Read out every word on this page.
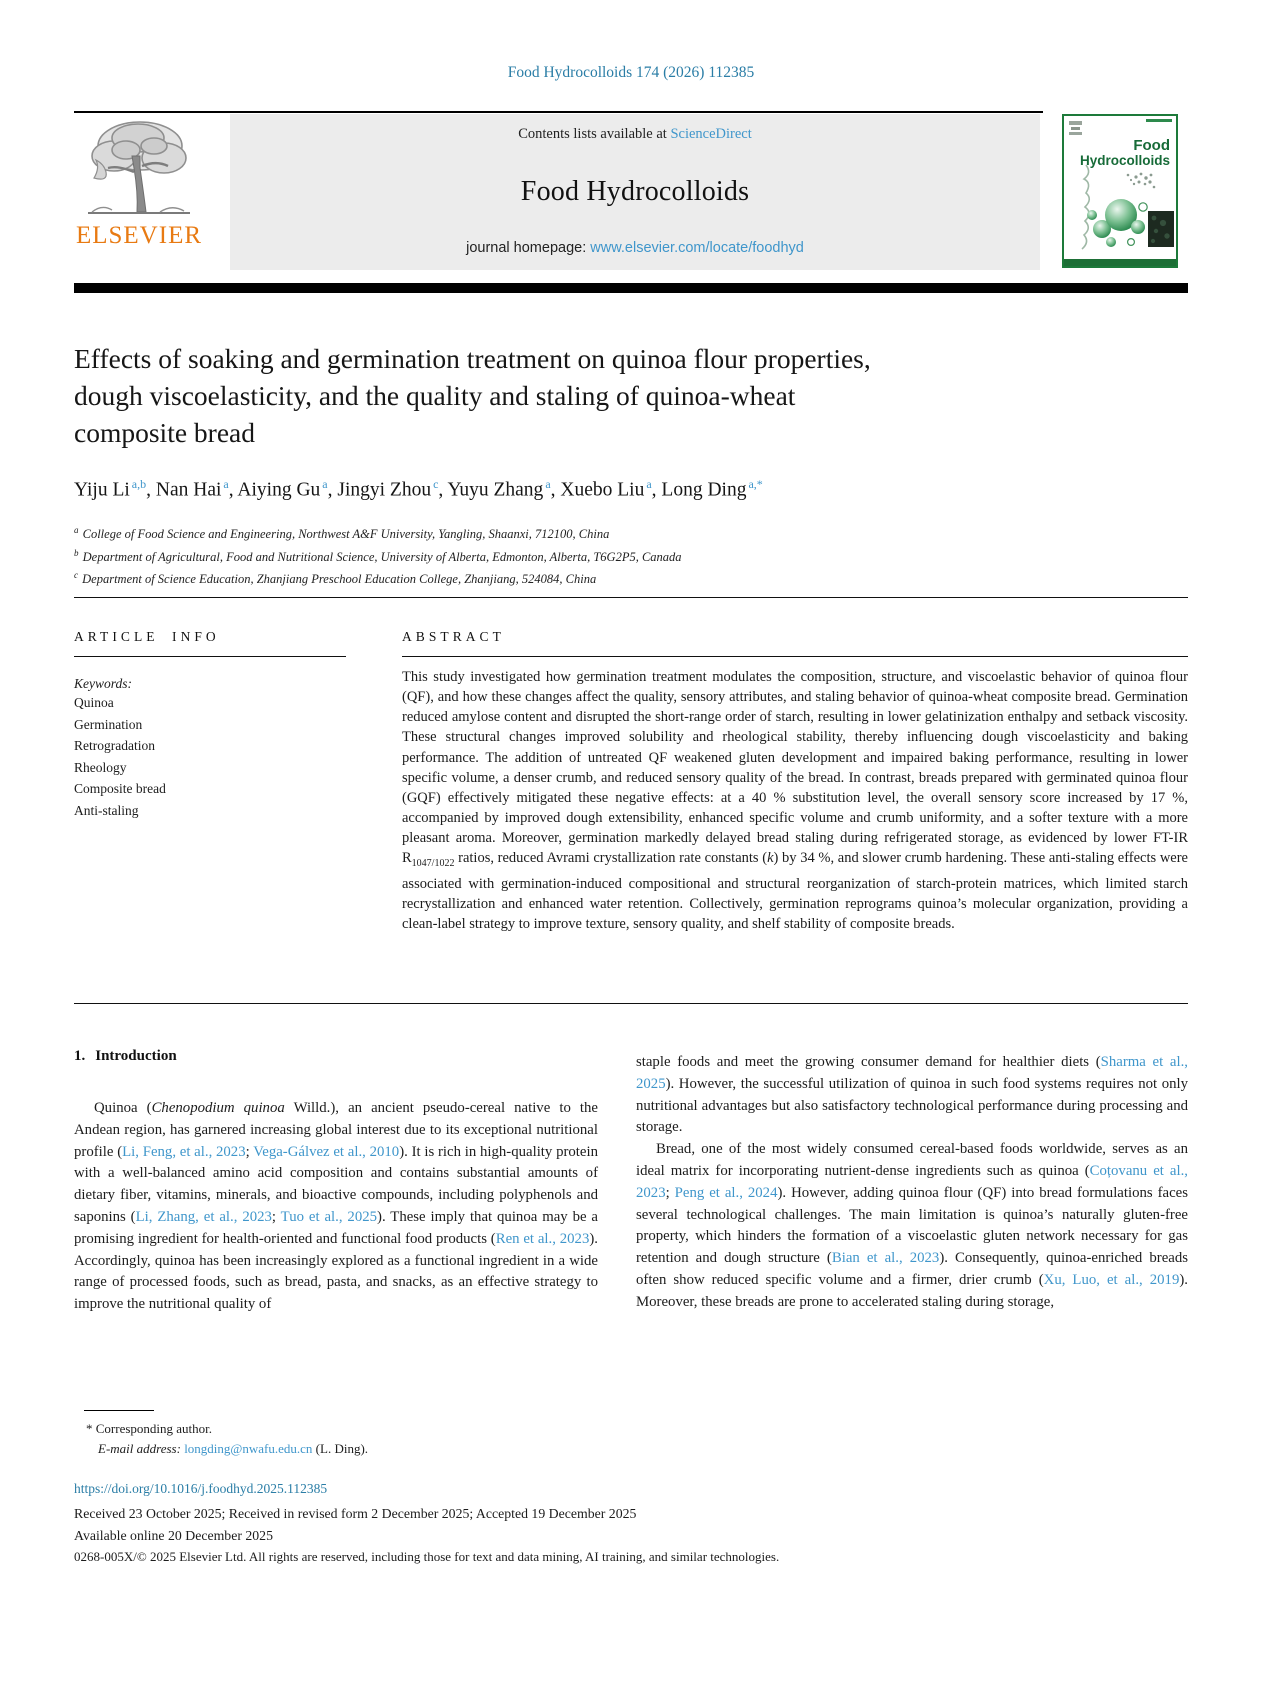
Food Hydrocolloids 174 (2026) 112385
ELSEVIER
Contents lists available at ScienceDirect
Food Hydrocolloids
journal homepage: www.elsevier.com/locate/foodhyd
Food
Hydrocolloids
Effects of soaking and germination treatment on quinoa flour properties,
dough viscoelasticity, and the quality and staling of quinoa-wheat
composite bread
Yiju Li $^{a,b}$, Nan Hai $^a$, Aiying Gu $^a$, Jingyi Zhou $^c$, Yuyu Zhang $^a$, Xuebo Liu $^a$, Long Ding $^{a,*}$
$^a$ College of Food Science and Engineering, Northwest A&F University, Yangling, Shaanxi, 712100, China
$^b$ Department of Agricultural, Food and Nutritional Science, University of Alberta, Edmonton, Alberta, T6G2P5, Canada
$^c$ Department of Science Education, Zhanjiang Preschool Education College, Zhanjiang, 524084, China
ARTICLE INFO
Keywords:
Quinoa
Germination
Retrogradation
Rheology
Composite bread
Anti-staling
ABSTRACT
This study investigated how germination treatment modulates the composition, structure, and viscoelastic behavior of quinoa flour (QF), and how these changes affect the quality, sensory attributes, and staling behavior of quinoa-wheat composite bread. Germination reduced amylose content and disrupted the short-range order of starch, resulting in lower gelatinization enthalpy and setback viscosity. These structural changes improved solubility and rheological stability, thereby influencing dough viscoelasticity and baking performance. The addition of untreated QF weakened gluten development and impaired baking performance, resulting in lower specific volume, a denser crumb, and reduced sensory quality of the bread. In contrast, breads prepared with germinated quinoa flour (GQF) effectively mitigated these negative effects: at a 40 % substitution level, the overall sensory score increased by 17 %, accompanied by improved dough extensibility, enhanced specific volume and crumb uniformity, and a softer texture with a more pleasant aroma. Moreover, germination markedly delayed bread staling during refrigerated storage, as evidenced by lower FT-IR $R_{1047/1022}$ ratios, reduced Avrami crystallization rate constants (k) by 34 %, and slower crumb hardening. These anti-staling effects were associated with germination-induced compositional and structural reorganization of starch-protein matrices, which limited starch recrystallization and enhanced water retention. Collectively, germination reprograms quinoa’s molecular organization, providing a clean-label strategy to improve texture, sensory quality, and shelf stability of composite breads.
1. Introduction

Quinoa (Chenopodium quinoa Willd.), an ancient pseudo-cereal native to the Andean region, has garnered increasing global interest due to its exceptional nutritional profile (Li, Feng, et al., 2023; Vega-Gálvez et al., 2010). It is rich in high-quality protein with a well-balanced amino acid composition and contains substantial amounts of dietary fiber, vitamins, minerals, and bioactive compounds, including polyphenols and saponins (Li, Zhang, et al., 2023; Tuo et al., 2025). These imply that quinoa may be a promising ingredient for health-oriented and functional food products (Ren et al., 2023). Accordingly, quinoa has been increasingly explored as a functional ingredient in a wide range of processed foods, such as bread, pasta, and snacks, as an effective strategy to improve the nutritional quality of

staple foods and meet the growing consumer demand for healthier diets (Sharma et al., 2025). However, the successful utilization of quinoa in such food systems requires not only nutritional advantages but also satisfactory technological performance during processing and storage.

Bread, one of the most widely consumed cereal-based foods worldwide, serves as an ideal matrix for incorporating nutrient-dense ingredients such as quinoa (Coțovanu et al., 2023; Peng et al., 2024). However, adding quinoa flour (QF) into bread formulations faces several technological challenges. The main limitation is quinoa’s naturally gluten-free property, which hinders the formation of a viscoelastic gluten network necessary for gas retention and dough structure (Bian et al., 2023). Consequently, quinoa-enriched breads often show reduced specific volume and a firmer, drier crumb (Xu, Luo, et al., 2019). Moreover, these breads are prone to accelerated staling during storage,

* Corresponding author.
E-mail address: longding@nwafu.edu.cn (L. Ding).
https://doi.org/10.1016/j.foodhyd.2025.112385
Received 23 October 2025; Received in revised form 2 December 2025; Accepted 19 December 2025
Available online 20 December 2025
0268-005X/© 2025 Elsevier Ltd. All rights are reserved, including those for text and data mining, AI training, and similar technologies.
